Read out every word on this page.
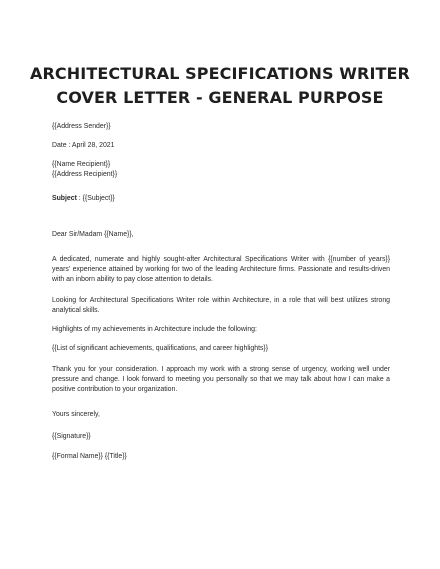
ARCHITECTURAL SPECIFICATIONS WRITER
COVER LETTER - GENERAL PURPOSE

{{Address Sender}}

Date : April 28, 2021

{{Name Recipient}}

{{Address Recipient}}

Subject : {{Subject}}

Dear Sir/Madam {{Name}},

A dedicated, numerate and highly sought-after Architectural Specifications Writer with {{number of years}} years' experience attained by working for two of the leading Architecture firms. Passionate and results-driven with an inborn ability to pay close attention to details.

Looking for Architectural Specifications Writer role within Architecture, in a role that will best utilizes strong analytical skills.

Highlights of my achievements in Architecture include the following:

{{List of significant achievements, qualifications, and career highlights}}

Thank you for your consideration. I approach my work with a strong sense of urgency, working well under pressure and change. I look forward to meeting you personally so that we may talk about how I can make a positive contribution to your organization.

Yours sincerely,

{{Signature}}

{{Formal Name}} {{Title}}
